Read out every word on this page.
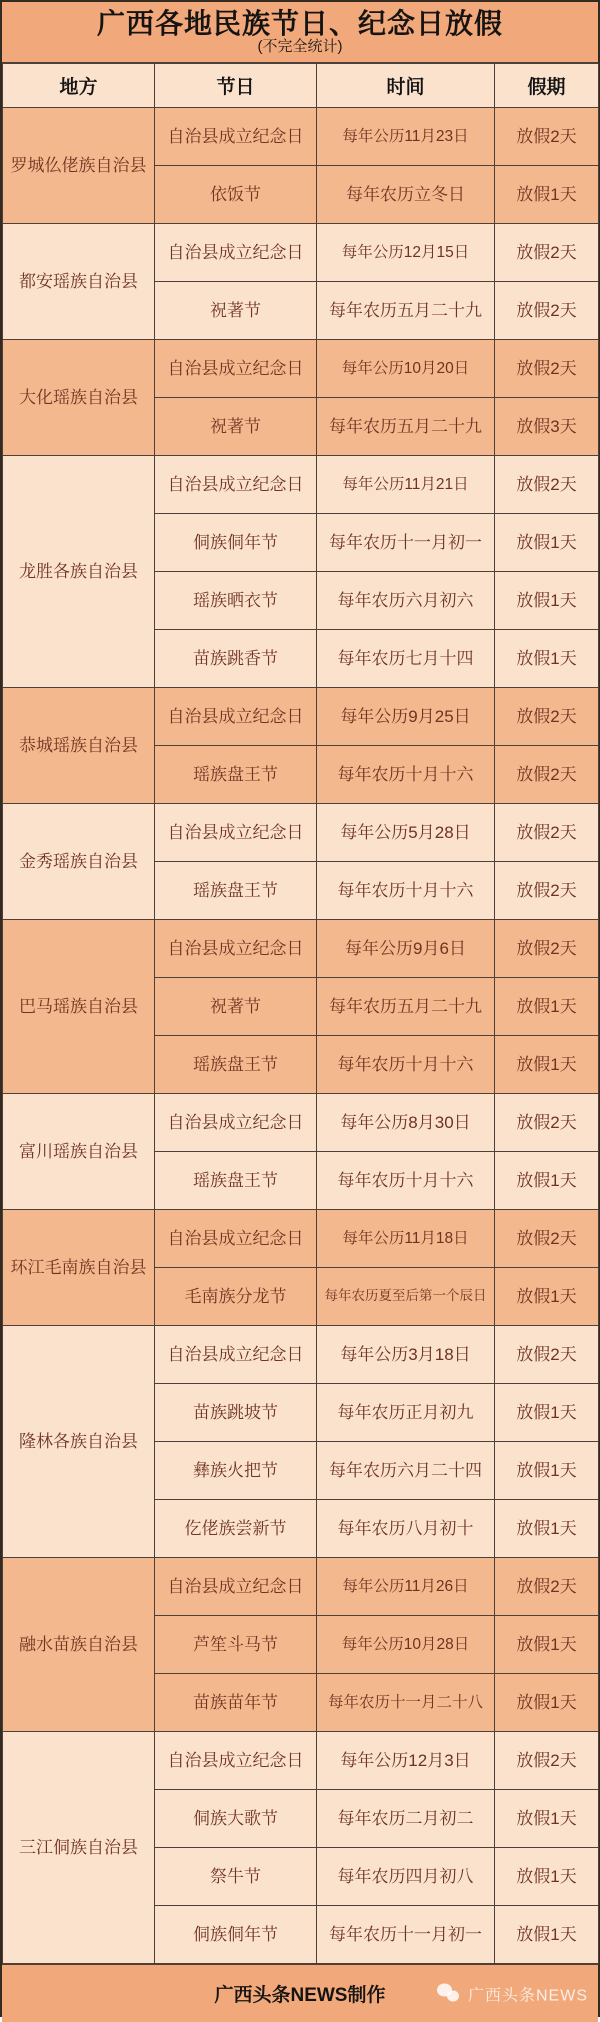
广西各地民族节日、纪念日放假
(不完全统计)
地方	节日	时间	假期
罗城仫佬族自治县	自治县成立纪念日	每年公历11月23日	放假2天
	依饭节	每年农历立冬日	放假1天
都安瑶族自治县	自治县成立纪念日	每年公历12月15日	放假2天
	祝著节	每年农历五月二十九	放假2天
大化瑶族自治县	自治县成立纪念日	每年公历10月20日	放假2天
	祝著节	每年农历五月二十九	放假3天
龙胜各族自治县	自治县成立纪念日	每年公历11月21日	放假2天
	侗族侗年节	每年农历十一月初一	放假1天
	瑶族晒衣节	每年农历六月初六	放假1天
	苗族跳香节	每年农历七月十四	放假1天
恭城瑶族自治县	自治县成立纪念日	每年公历9月25日	放假2天
	瑶族盘王节	每年农历十月十六	放假2天
金秀瑶族自治县	自治县成立纪念日	每年公历5月28日	放假2天
	瑶族盘王节	每年农历十月十六	放假2天
巴马瑶族自治县	自治县成立纪念日	每年公历9月6日	放假2天
	祝著节	每年农历五月二十九	放假1天
	瑶族盘王节	每年农历十月十六	放假1天
富川瑶族自治县	自治县成立纪念日	每年公历8月30日	放假2天
	瑶族盘王节	每年农历十月十六	放假1天
环江毛南族自治县	自治县成立纪念日	每年公历11月18日	放假2天
	毛南族分龙节	每年农历夏至后第一个辰日	放假1天
隆林各族自治县	自治县成立纪念日	每年公历3月18日	放假2天
	苗族跳坡节	每年农历正月初九	放假1天
	彝族火把节	每年农历六月二十四	放假1天
	仡佬族尝新节	每年农历八月初十	放假1天
融水苗族自治县	自治县成立纪念日	每年公历11月26日	放假2天
	芦笙斗马节	每年公历10月28日	放假1天
	苗族苗年节	每年农历十一月二十八	放假1天
三江侗族自治县	自治县成立纪念日	每年公历12月3日	放假2天
	侗族大歌节	每年农历二月初二	放假1天
	祭牛节	每年农历四月初八	放假1天
	侗族侗年节	每年农历十一月初一	放假1天
广西头条NEWS制作	广西头条NEWS
